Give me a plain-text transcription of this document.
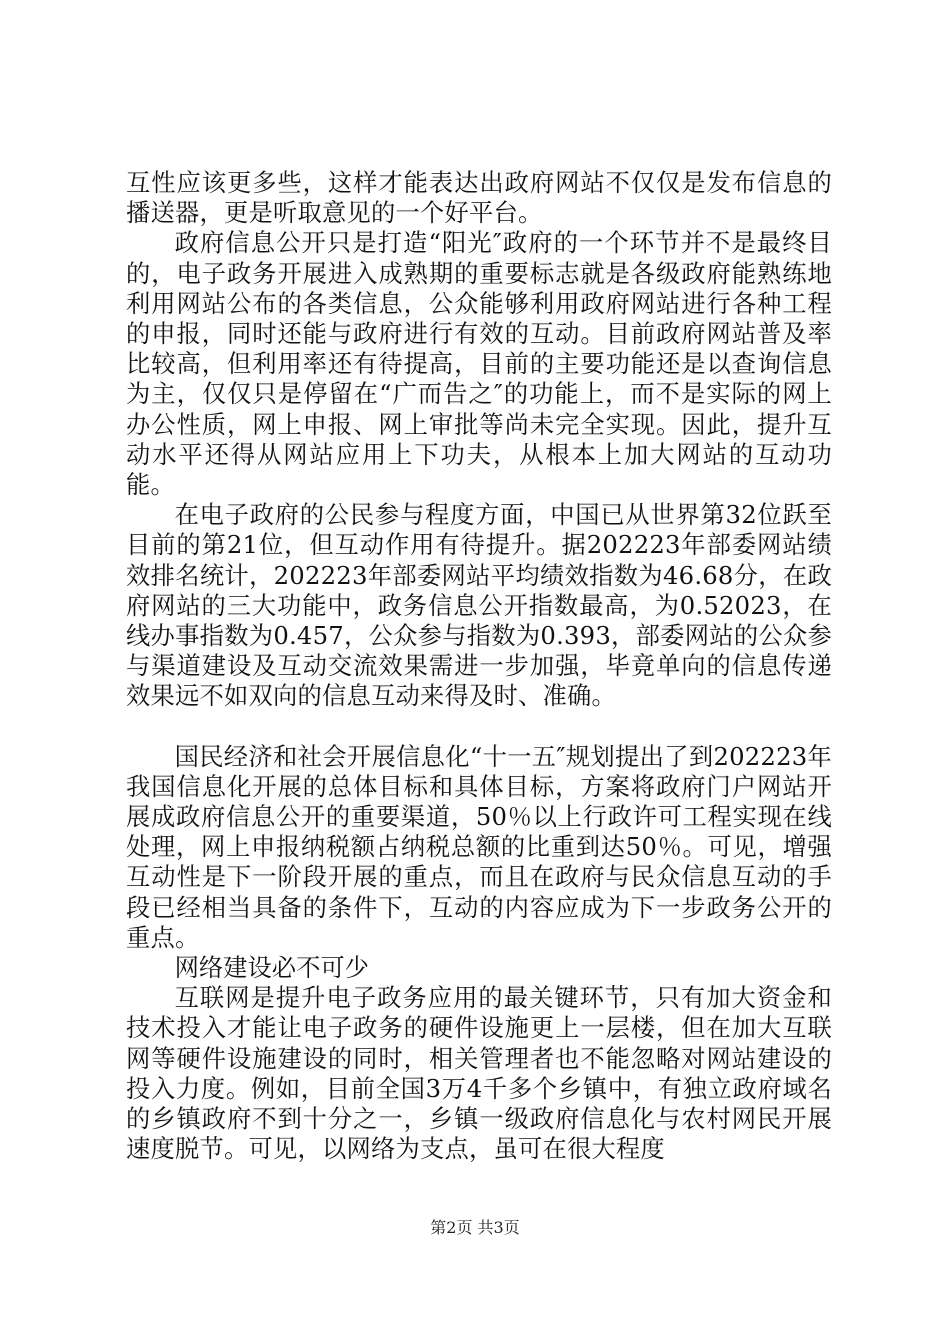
互性应该更多些，这样才能表达出政府网站不仅仅是发布信息的播送器，更是听取意见的一个好平台。

政府信息公开只是打造“阳光″政府的一个环节并不是最终目的，电子政务开展进入成熟期的重要标志就是各级政府能熟练地利用网站公布的各类信息，公众能够利用政府网站进行各种工程的申报，同时还能与政府进行有效的互动。目前政府网站普及率比较高，但利用率还有待提高，目前的主要功能还是以查询信息为主，仅仅只是停留在“广而告之″的功能上，而不是实际的网上办公性质，网上申报、网上审批等尚未完全实现。因此，提升互动水平还得从网站应用上下功夫，从根本上加大网站的互动功能。

在电子政府的公民参与程度方面，中国已从世界第32位跃至目前的第21位，但互动作用有待提升。据202223年部委网站绩效排名统计，202223年部委网站平均绩效指数为46.68分，在政府网站的三大功能中，政务信息公开指数最高，为0.52023，在线办事指数为0.457，公众参与指数为0.393，部委网站的公众参与渠道建设及互动交流效果需进一步加强，毕竟单向的信息传递效果远不如双向的信息互动来得及时、准确。

国民经济和社会开展信息化“十一五″规划提出了到202223年我国信息化开展的总体目标和具体目标，方案将政府门户网站开展成政府信息公开的重要渠道，50％以上行政许可工程实现在线处理，网上申报纳税额占纳税总额的比重到达50％。可见，增强互动性是下一阶段开展的重点，而且在政府与民众信息互动的手段已经相当具备的条件下，互动的内容应成为下一步政务公开的重点。

网络建设必不可少

互联网是提升电子政务应用的最关键环节，只有加大资金和技术投入才能让电子政务的硬件设施更上一层楼，但在加大互联网等硬件设施建设的同时，相关管理者也不能忽略对网站建设的投入力度。例如，目前全国3万4千多个乡镇中，有独立政府域名的乡镇政府不到十分之一，乡镇一级政府信息化与农村网民开展速度脱节。可见，以网络为支点，虽可在很大程度

第2页 共3页
